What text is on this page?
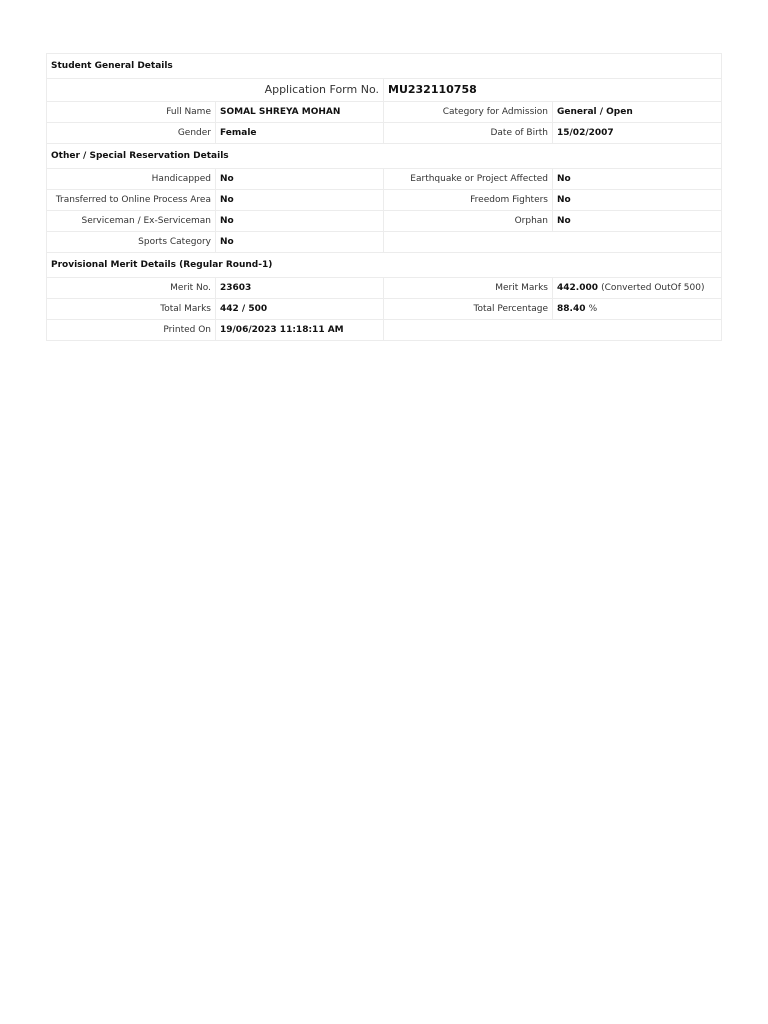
Student General Details			
Application Form No.		MU232110758	
Full Name	SOMAL SHREYA MOHAN	Category for Admission	General / Open
Gender	Female	Date of Birth	15/02/2007
Other / Special Reservation Details			
Handicapped	No	Earthquake or Project Affected	No
Transferred to Online Process Area	No	Freedom Fighters	No
Serviceman / Ex-Serviceman	No	Orphan	No
Sports Category	No		
Provisional Merit Details (Regular Round-1)			
Merit No.	23603	Merit Marks	442.000 (Converted OutOf 500)
Total Marks	442 / 500	Total Percentage	88.40 %
Printed On	19/06/2023 11:18:11 AM		
